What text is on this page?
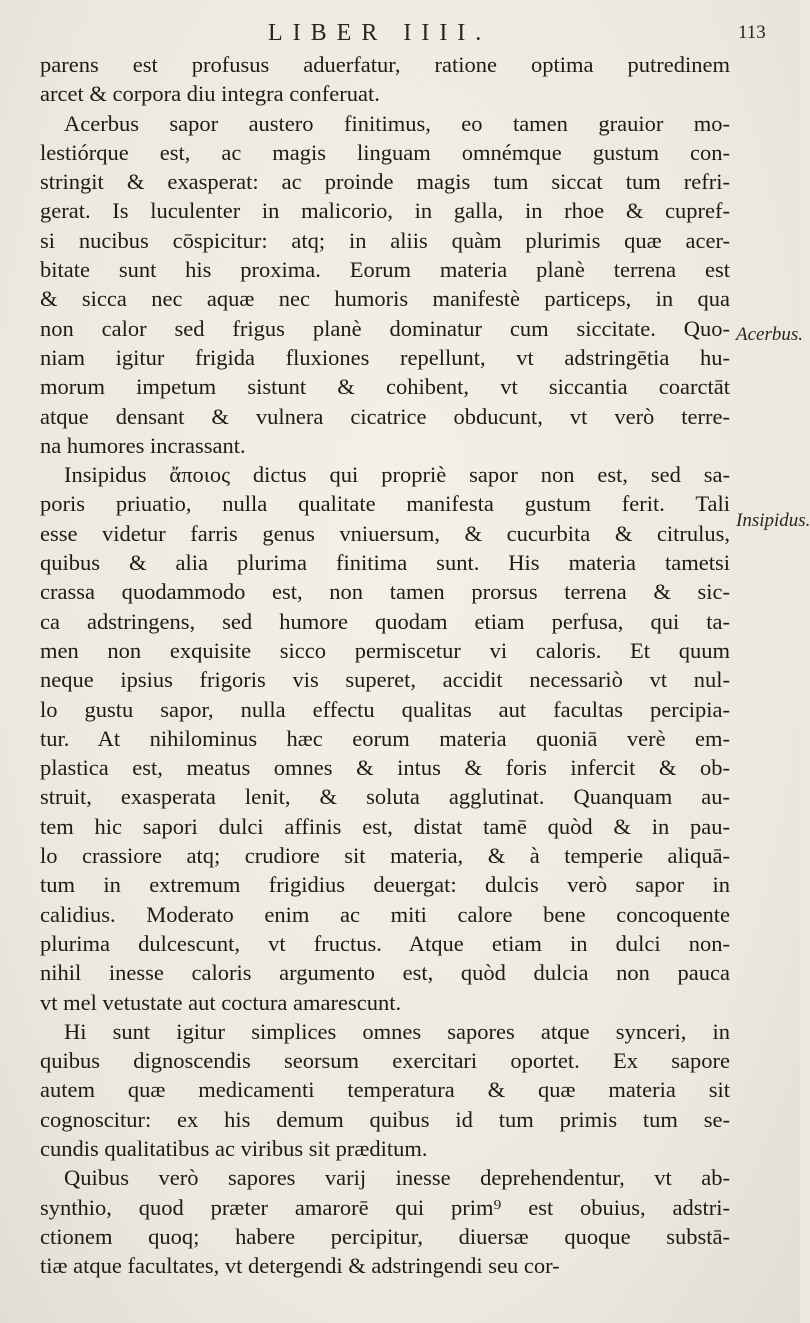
LIBER IIII.	113
Acerbus.
Insipidus.
parens est profusus aduerfatur, ratione optima putredinem
arcet & corpora diu integra conferuat.
Acerbus sapor austero finitimus, eo tamen grauior mo-
lestiórque est, ac magis linguam omnémque gustum con-
stringit & exasperat: ac proinde magis tum siccat tum refri-
gerat. Is luculenter in malicorio, in galla, in rhoe & cupref-
si nucibus cōspicitur: atq; in aliis quàm plurimis quæ acer-
bitate sunt his proxima. Eorum materia planè terrena est
& sicca nec aquæ nec humoris manifestè particeps, in qua
non calor sed frigus planè dominatur cum siccitate. Quo-
niam igitur frigida fluxiones repellunt, vt adstringētia hu-
morum impetum sistunt & cohibent, vt siccantia coarctāt
atque densant & vulnera cicatrice obducunt, vt verò terre-
na humores incrassant.
Insipidus ἄποιος dictus qui propriè sapor non est, sed sa-
poris priuatio, nulla qualitate manifesta gustum ferit. Tali
esse videtur farris genus vniuersum, & cucurbita & citrulus,
quibus & alia plurima finitima sunt. His materia tametsi
crassa quodammodo est, non tamen prorsus terrena & sic-
ca adstringens, sed humore quodam etiam perfusa, qui ta-
men non exquisite sicco permiscetur vi caloris. Et quum
neque ipsius frigoris vis superet, accidit necessariò vt nul-
lo gustu sapor, nulla effectu qualitas aut facultas percipia-
tur. At nihilominus hæc eorum materia quoniā verè em-
plastica est, meatus omnes & intus & foris infercit & ob-
struit, exasperata lenit, & soluta agglutinat. Quanquam au-
tem hic sapori dulci affinis est, distat tamē quòd & in pau-
lo crassiore atq; crudiore sit materia, & à temperie aliquā-
tum in extremum frigidius deuergat: dulcis verò sapor in
calidius. Moderato enim ac miti calore bene concoquente
plurima dulcescunt, vt fructus. Atque etiam in dulci non-
nihil inesse caloris argumento est, quòd dulcia non pauca
vt mel vetustate aut coctura amarescunt.
Hi sunt igitur simplices omnes sapores atque synceri, in
quibus dignoscendis seorsum exercitari oportet. Ex sapore
autem quæ medicamenti temperatura & quæ materia sit
cognoscitur: ex his demum quibus id tum primis tum se-
cundis qualitatibus ac viribus sit præditum.
Quibus verò sapores varij inesse deprehendentur, vt ab-
synthio, quod præter amarorē qui prim⁹ est obuius, adstri-
ctionem quoq; habere percipitur, diuersæ quoque substā-
tiæ atque facultates, vt detergendi & adstringendi seu cor-
